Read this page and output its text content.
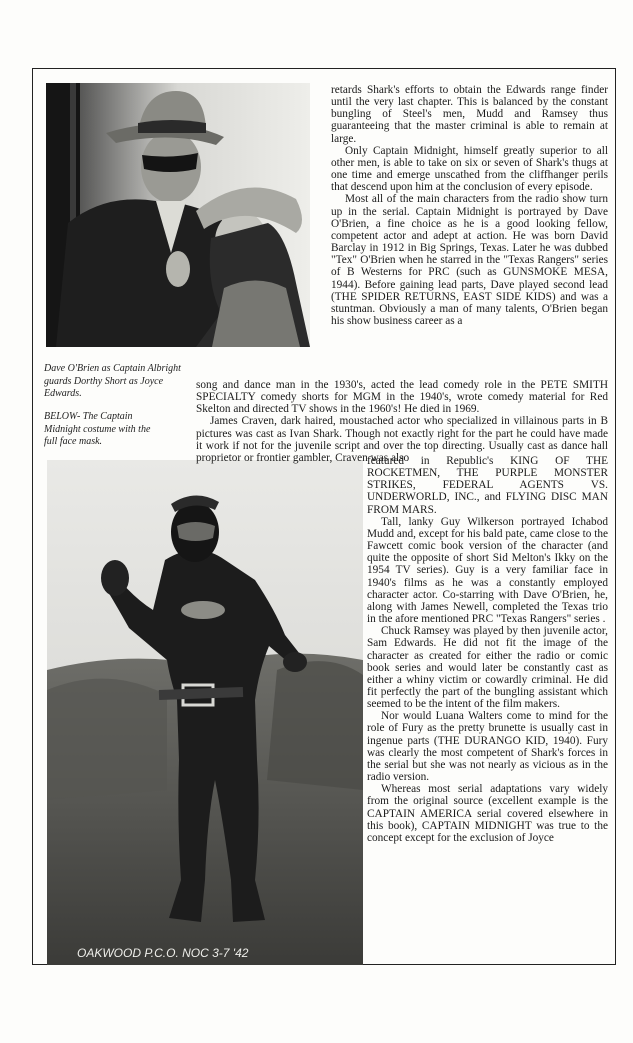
Dave O'Brien as Captain Albright guards Dorthy Short as Joyce Edwards.

BELOW- The Captain Midnight costume with the full face mask.

OAKWOOD P.C.O. NOC 3-7 '42

retards Shark's efforts to obtain the Edwards range finder until the very last chapter. This is balanced by the constant bungling of Steel's men, Mudd and Ramsey thus guaranteeing that the master criminal is able to remain at large.

Only Captain Midnight, himself greatly superior to all other men, is able to take on six or seven of Shark's thugs at one time and emerge unscathed from the cliffhanger perils that descend upon him at the conclusion of every episode.

Most all of the main characters from the radio show turn up in the serial. Captain Midnight is portrayed by Dave O'Brien, a fine choice as he is a good looking fellow, competent actor and adept at action. He was born David Barclay in 1912 in Big Springs, Texas. Later he was dubbed "Tex" O'Brien when he starred in the "Texas Rangers" series of B Westerns for PRC (such as GUNSMOKE MESA, 1944). Before gaining lead parts, Dave played second lead (THE SPIDER RETURNS, EAST SIDE KIDS) and was a stuntman. Obviously a man of many talents, O'Brien began his show business career as a

song and dance man in the 1930's, acted the lead comedy role in the PETE SMITH SPECIALTY comedy shorts for MGM in the 1940's, wrote comedy material for Red Skelton and directed TV shows in the 1960's! He died in 1969.

James Craven, dark haired, moustached actor who specialized in villainous parts in B pictures was cast as Ivan Shark. Though not exactly right for the part he could have made it work if not for the juvenile script and over the top directing. Usually cast as dance hall proprietor or frontier gambler, Craven was also

featured in Republic's KING OF THE ROCKETMEN, THE PURPLE MONSTER STRIKES, FEDERAL AGENTS VS. UNDERWORLD, INC., and FLYING DISC MAN FROM MARS.

Tall, lanky Guy Wilkerson portrayed Ichabod Mudd and, except for his bald pate, came close to the Fawcett comic book version of the character (and quite the opposite of short Sid Melton's Ikky on the 1954 TV series). Guy is a very familiar face in 1940's films as he was a constantly employed character actor. Co-starring with Dave O'Brien, he, along with James Newell, completed the Texas trio in the afore mentioned PRC "Texas Rangers" series .

Chuck Ramsey was played by then juvenile actor, Sam Edwards. He did not fit the image of the character as created for either the radio or comic book series and would later be constantly cast as either a whiny victim or cowardly criminal. He did fit perfectly the part of the bungling assistant which seemed to be the intent of the film makers.

Nor would Luana Walters come to mind for the role of Fury as the pretty brunette is usually cast in ingenue parts (THE DURANGO KID, 1940). Fury was clearly the most competent of Shark's forces in the serial but she was not nearly as vicious as in the radio version.

Whereas most serial adaptations vary widely from the original source (excellent example is the CAPTAIN AMERICA serial covered elsewhere in this book), CAPTAIN MIDNIGHT was true to the concept except for the exclusion of Joyce
